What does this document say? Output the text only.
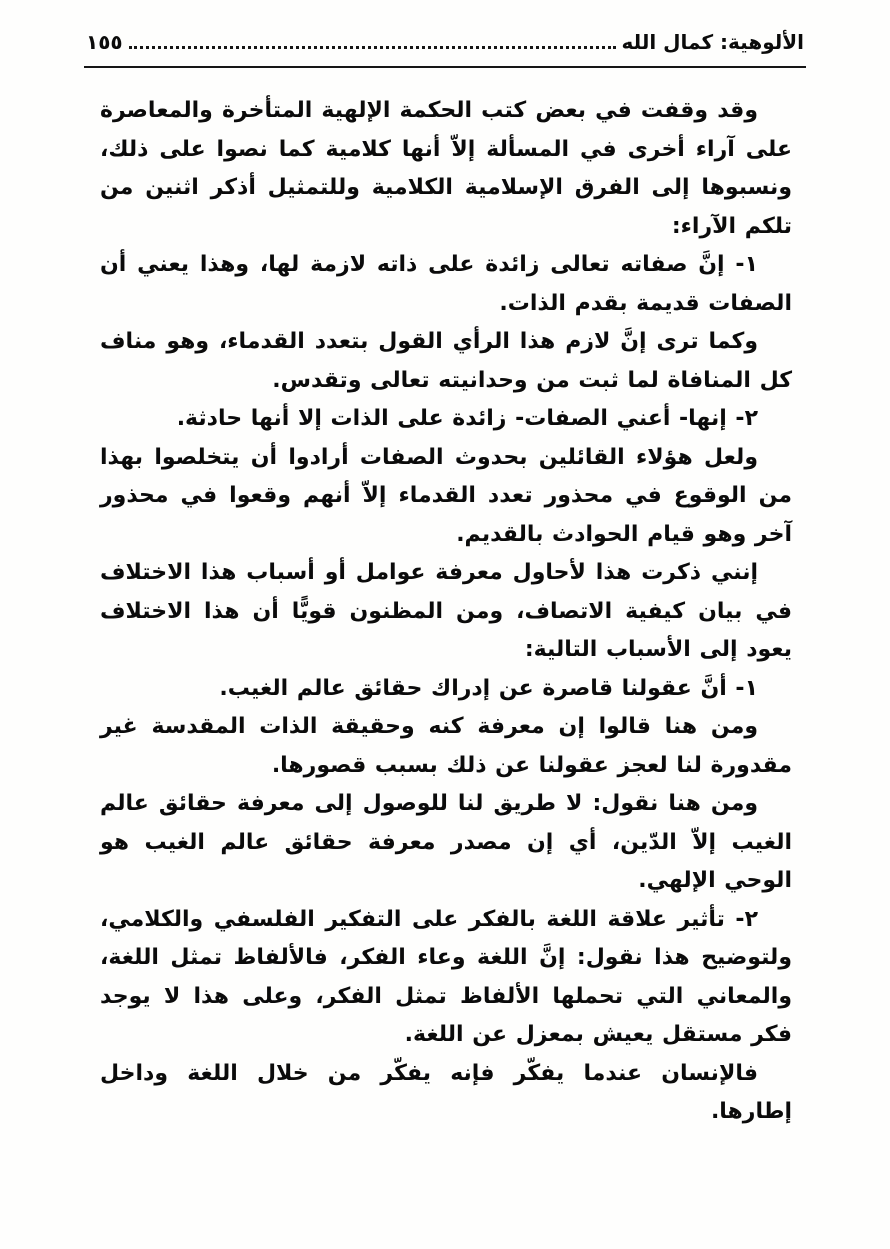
الألوهية: كمال الله
١٥٥

وقد وقفت في بعض كتب الحكمة الإلهية المتأخرة والمعاصرة على آراء أخرى في المسألة إلاّ أنها كلامية كما نصوا على ذلك، ونسبوها إلى الفرق الإسلامية الكلامية وللتمثيل أذكر اثنين من تلكم الآراء:

١- إنَّ صفاته تعالى زائدة على ذاته لازمة لها، وهذا يعني أن الصفات قديمة بقدم الذات.

وكما ترى إنَّ لازم هذا الرأي القول بتعدد القدماء، وهو مناف كل المنافاة لما ثبت من وحدانيته تعالى وتقدس.

٢- إنها- أعني الصفات- زائدة على الذات إلا أنها حادثة.

ولعل هؤلاء القائلين بحدوث الصفات أرادوا أن يتخلصوا بهذا من الوقوع في محذور تعدد القدماء إلاّ أنهم وقعوا في محذور آخر وهو قيام الحوادث بالقديم.

إنني ذكرت هذا لأحاول معرفة عوامل أو أسباب هذا الاختلاف في بيان كيفية الاتصاف، ومن المظنون قويًّا أن هذا الاختلاف يعود إلى الأسباب التالية:

١- أنَّ عقولنا قاصرة عن إدراك حقائق عالم الغيب.

ومن هنا قالوا إن معرفة كنه وحقيقة الذات المقدسة غير مقدورة لنا لعجز عقولنا عن ذلك بسبب قصورها.

ومن هنا نقول: لا طريق لنا للوصول إلى معرفة حقائق عالم الغيب إلاّ الدّين، أي إن مصدر معرفة حقائق عالم الغيب هو الوحي الإلهي.

٢- تأثير علاقة اللغة بالفكر على التفكير الفلسفي والكلامي، ولتوضيح هذا نقول: إنَّ اللغة وعاء الفكر، فالألفاظ تمثل اللغة، والمعاني التي تحملها الألفاظ تمثل الفكر، وعلى هذا لا يوجد فكر مستقل يعيش بمعزل عن اللغة.

فالإنسان عندما يفكّر فإنه يفكّر من خلال اللغة وداخل إطارها.
